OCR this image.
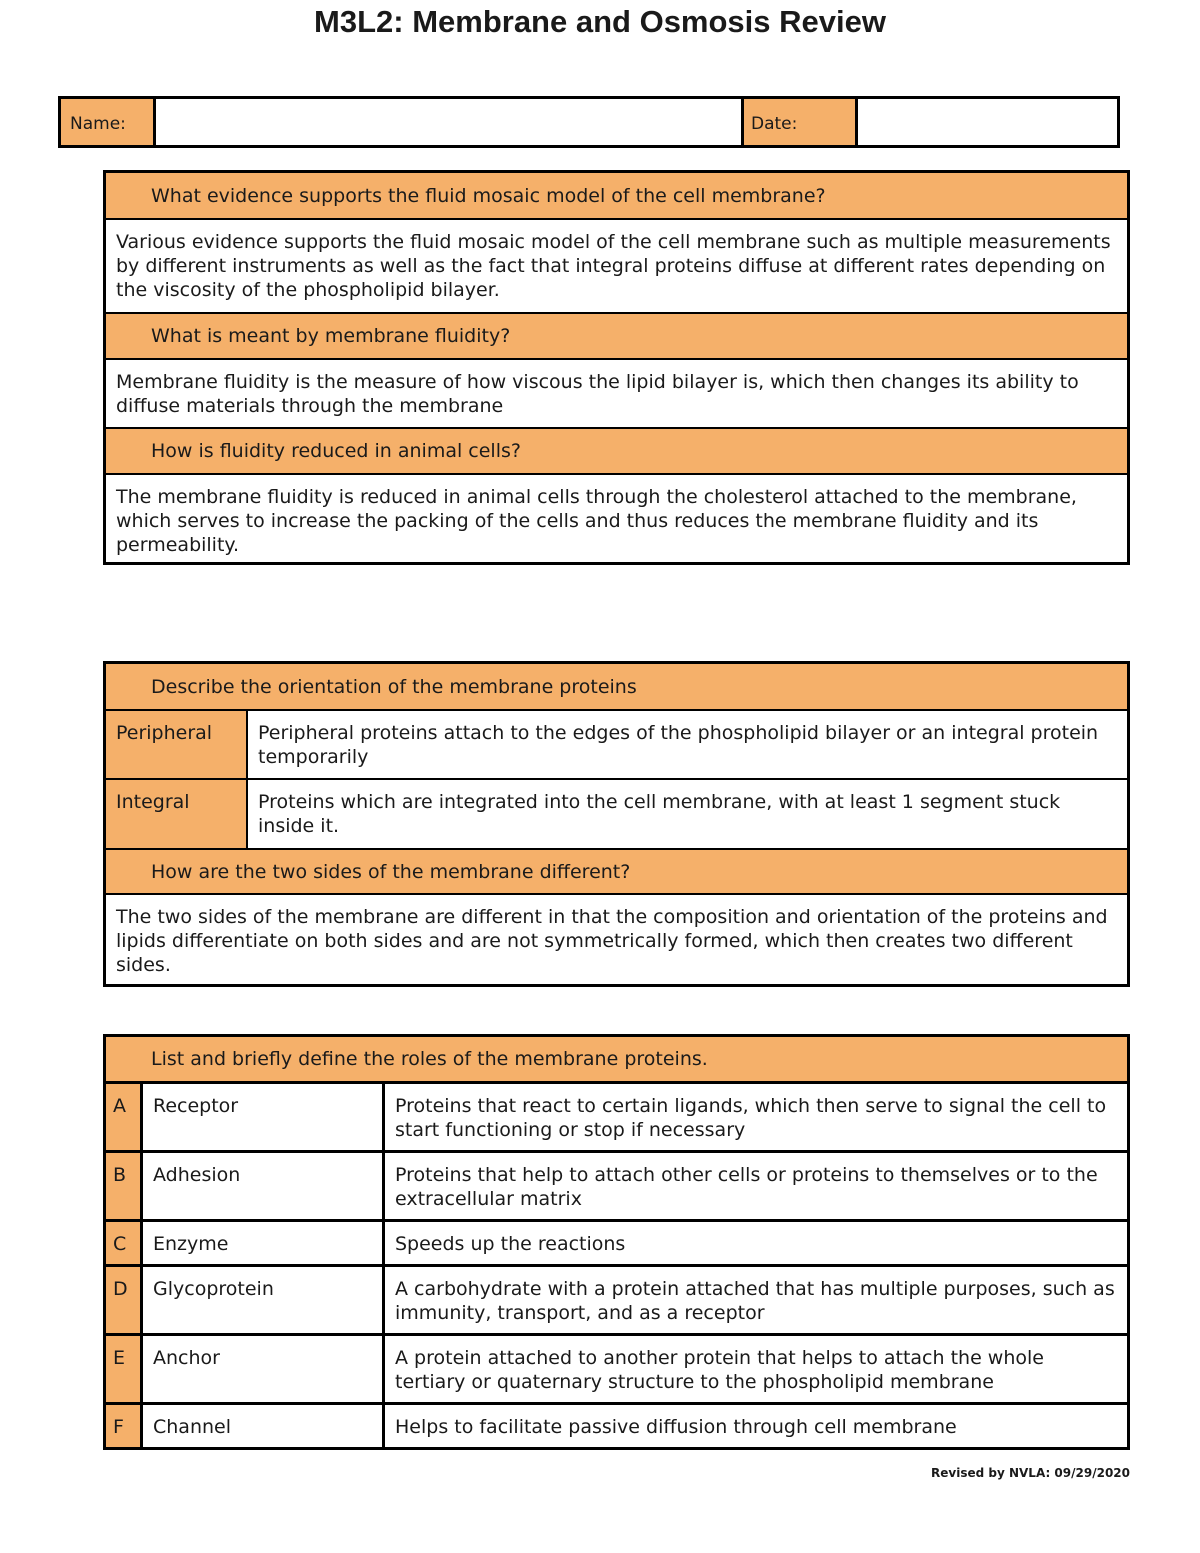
M3L2: Membrane and Osmosis Review
Name:	Date:
What evidence supports the fluid mosaic model of the cell membrane?
Various evidence supports the fluid mosaic model of the cell membrane such as multiple measurements by different instruments as well as the fact that integral proteins diffuse at different rates depending on the viscosity of the phospholipid bilayer.
What is meant by membrane fluidity?
Membrane fluidity is the measure of how viscous the lipid bilayer is, which then changes its ability to diffuse materials through the membrane
How is fluidity reduced in animal cells?
The membrane fluidity is reduced in animal cells through the cholesterol attached to the membrane, which serves to increase the packing of the cells and thus reduces the membrane fluidity and its permeability.
Describe the orientation of the membrane proteins
Peripheral	Peripheral proteins attach to the edges of the phospholipid bilayer or an integral protein temporarily
Integral	Proteins which are integrated into the cell membrane, with at least 1 segment stuck inside it.
How are the two sides of the membrane different?
The two sides of the membrane are different in that the composition and orientation of the proteins and lipids differentiate on both sides and are not symmetrically formed, which then creates two different sides.
List and briefly define the roles of the membrane proteins.
A	Receptor	Proteins that react to certain ligands, which then serve to signal the cell to start functioning or stop if necessary
B	Adhesion	Proteins that help to attach other cells or proteins to themselves or to the extracellular matrix
C	Enzyme	Speeds up the reactions
D	Glycoprotein	A carbohydrate with a protein attached that has multiple purposes, such as immunity, transport, and as a receptor
E	Anchor	A protein attached to another protein that helps to attach the whole tertiary or quaternary structure to the phospholipid membrane
F	Channel	Helps to facilitate passive diffusion through cell membrane
Revised by NVLA: 09/29/2020
